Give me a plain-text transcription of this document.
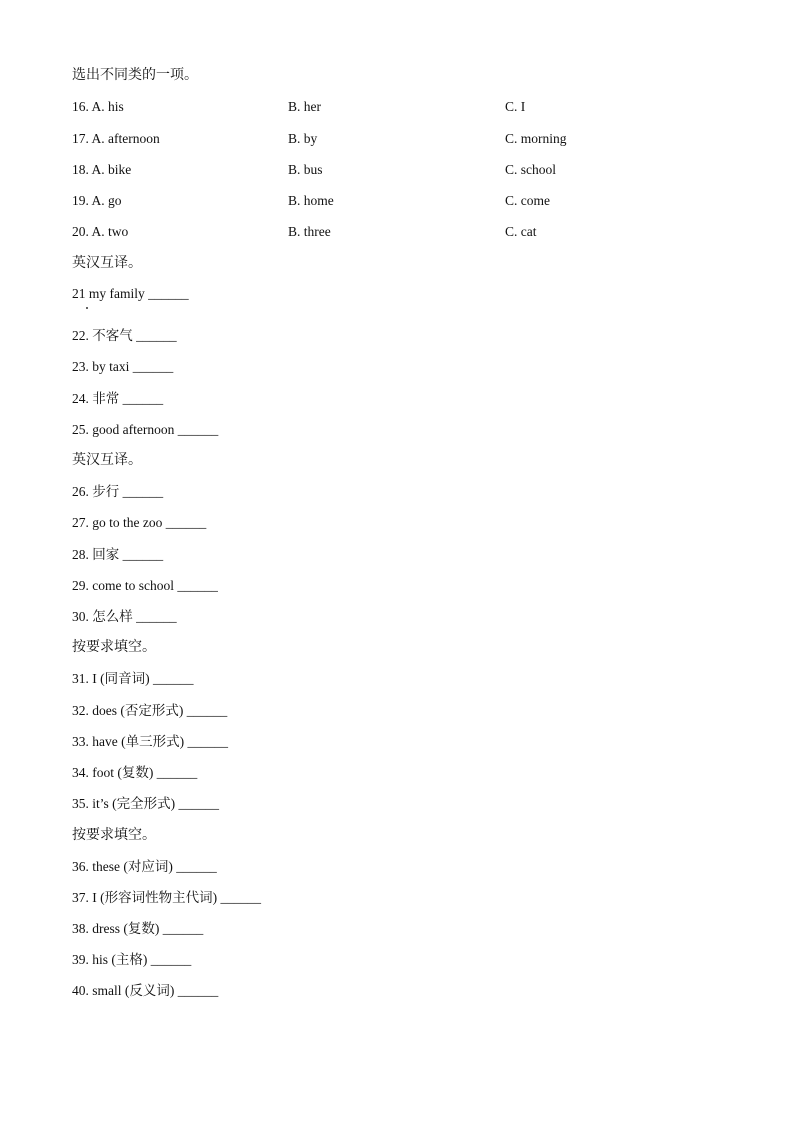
选出不同类的一项。
16. A. his	B. her	C. I
17. A. afternoon	B. by	C. morning
18. A. bike	B. bus	C. school
19. A. go	B. home	C. come
20. A. two	B. three	C. cat
英汉互译。
21 my family ______
22. 不客气 ______
23. by taxi ______
24. 非常 ______
25. good afternoon ______
英汉互译。
26. 步行 ______
27. go to the zoo ______
28. 回家 ______
29. come to school ______
30. 怎么样 ______
按要求填空。
31. I (同音词) ______
32. does (否定形式) ______
33. have (单三形式) ______
34. foot (复数) ______
35. it’s (完全形式) ______
按要求填空。
36. these (对应词) ______
37. I (形容词性物主代词) ______
38. dress (复数) ______
39. his (主格) ______
40. small (反义词) ______
